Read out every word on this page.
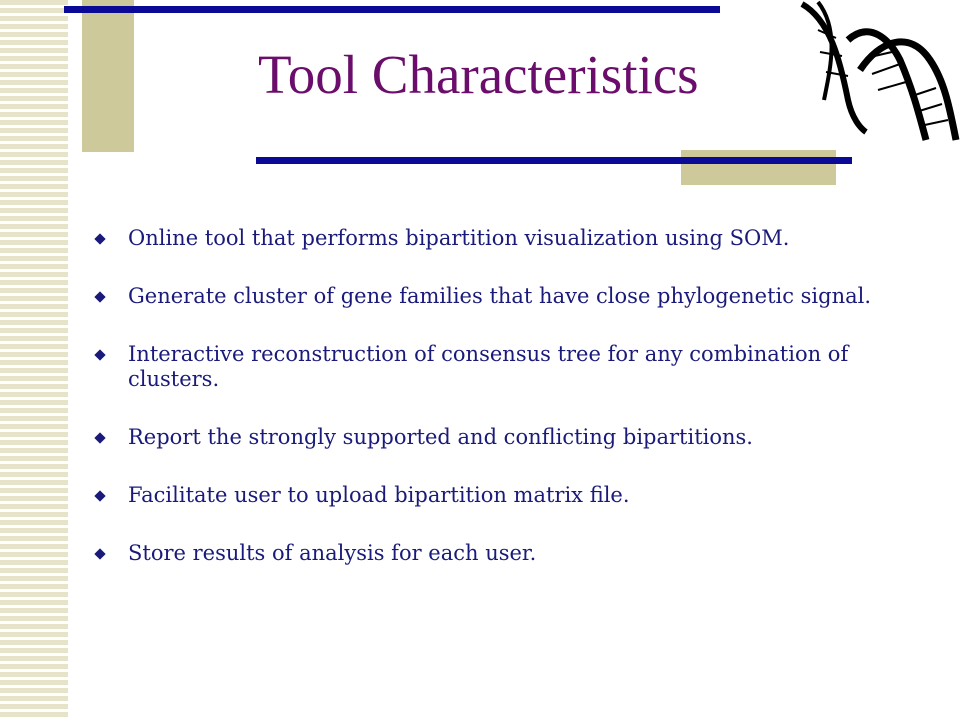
Tool Characteristics
Online tool that performs bipartition visualization using SOM.
Generate cluster of gene families that have close phylogenetic signal.
Interactive reconstruction of consensus tree for any combination of clusters.
Report the strongly supported and conflicting bipartitions.
Facilitate user to upload bipartition matrix file.
Store results of analysis for each user.
